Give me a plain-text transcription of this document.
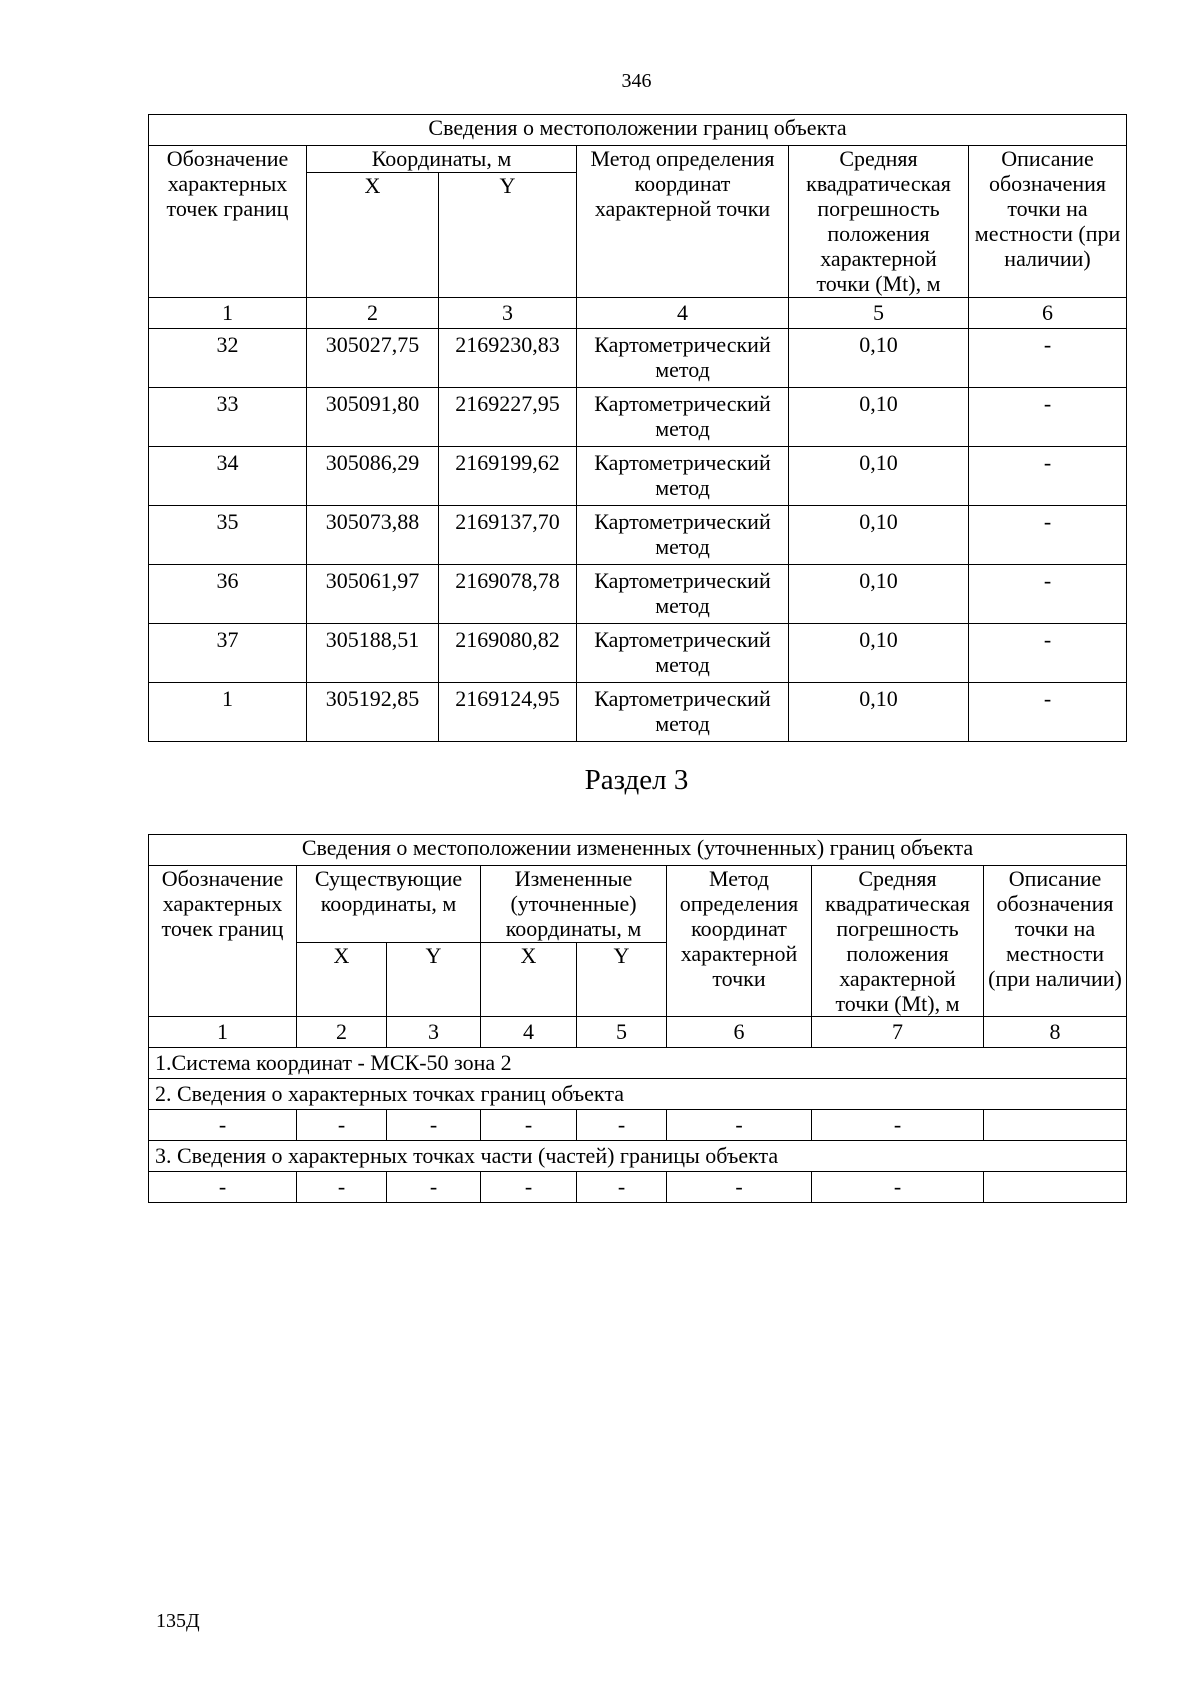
346
Сведения о местоположении границ объекта					
Обозначение характерных точек границ	Координаты, м		Метод определения координат характерной точки	Средняя квадратическая погрешность положения характерной точки (Mt), м	Описание обозначения точки на местности (при наличии)
	X	Y			
1	2	3	4	5	6
32	305027,75	2169230,83	Картометрический метод	0,10	-
33	305091,80	2169227,95	Картометрический метод	0,10	-
34	305086,29	2169199,62	Картометрический метод	0,10	-
35	305073,88	2169137,70	Картометрический метод	0,10	-
36	305061,97	2169078,78	Картометрический метод	0,10	-
37	305188,51	2169080,82	Картометрический метод	0,10	-
1	305192,85	2169124,95	Картометрический метод	0,10	-
Раздел 3
Сведения о местоположении измененных (уточненных) границ объекта							
Обозначение характерных точек границ	Существующие координаты, м		Измененные (уточненные) координаты, м		Метод определения координат характерной точки	Средняя квадратическая погрешность положения характерной точки (Mt), м	Описание обозначения точки на местности (при наличии)
	X	Y	X	Y			
1	2	3	4	5	6	7	8
1.Система координат - МСК-50 зона 2							
2. Сведения о характерных точках границ объекта							
-	-	-	-	-	-	-	
3. Сведения о характерных точках части (частей) границы объекта							
-	-	-	-	-	-	-	
135Д
